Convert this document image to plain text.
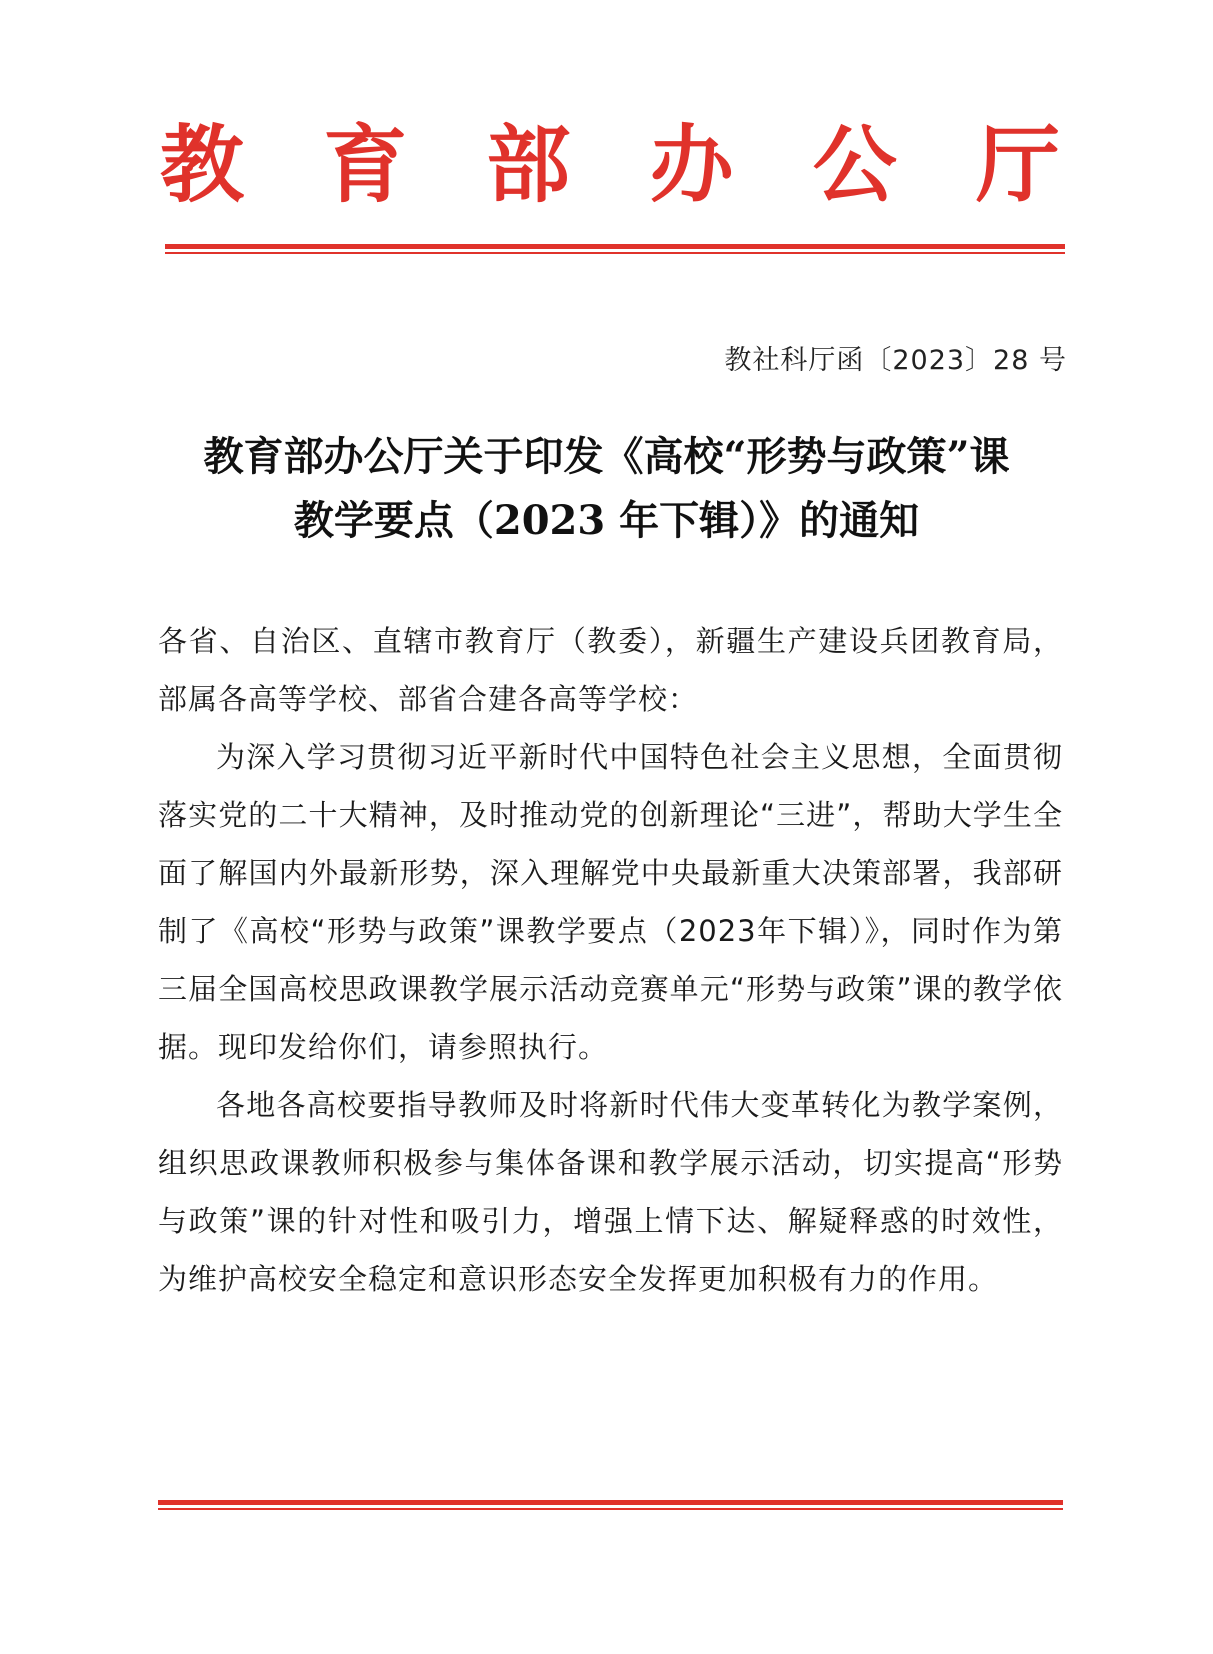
教 育 部 办 公 厅
教社科厅函〔2023〕28 号
教育部办公厅关于印发《高校“形势与政策”课
教学要点（2023 年下辑）》的通知

各省、自治区、直辖市教育厅（教委），新疆生产建设兵团教育局，部属各高等学校、部省合建各高等学校：

为深入学习贯彻习近平新时代中国特色社会主义思想，全面贯彻落实党的二十大精神，及时推动党的创新理论“三进”，帮助大学生全面了解国内外最新形势，深入理解党中央最新重大决策部署，我部研制了《高校“形势与政策”课教学要点（2023年下辑）》，同时作为第三届全国高校思政课教学展示活动竞赛单元“形势与政策”课的教学依据。现印发给你们，请参照执行。

各地各高校要指导教师及时将新时代伟大变革转化为教学案例，组织思政课教师积极参与集体备课和教学展示活动，切实提高“形势与政策”课的针对性和吸引力，增强上情下达、解疑释惑的时效性，为维护高校安全稳定和意识形态安全发挥更加积极有力的作用。
